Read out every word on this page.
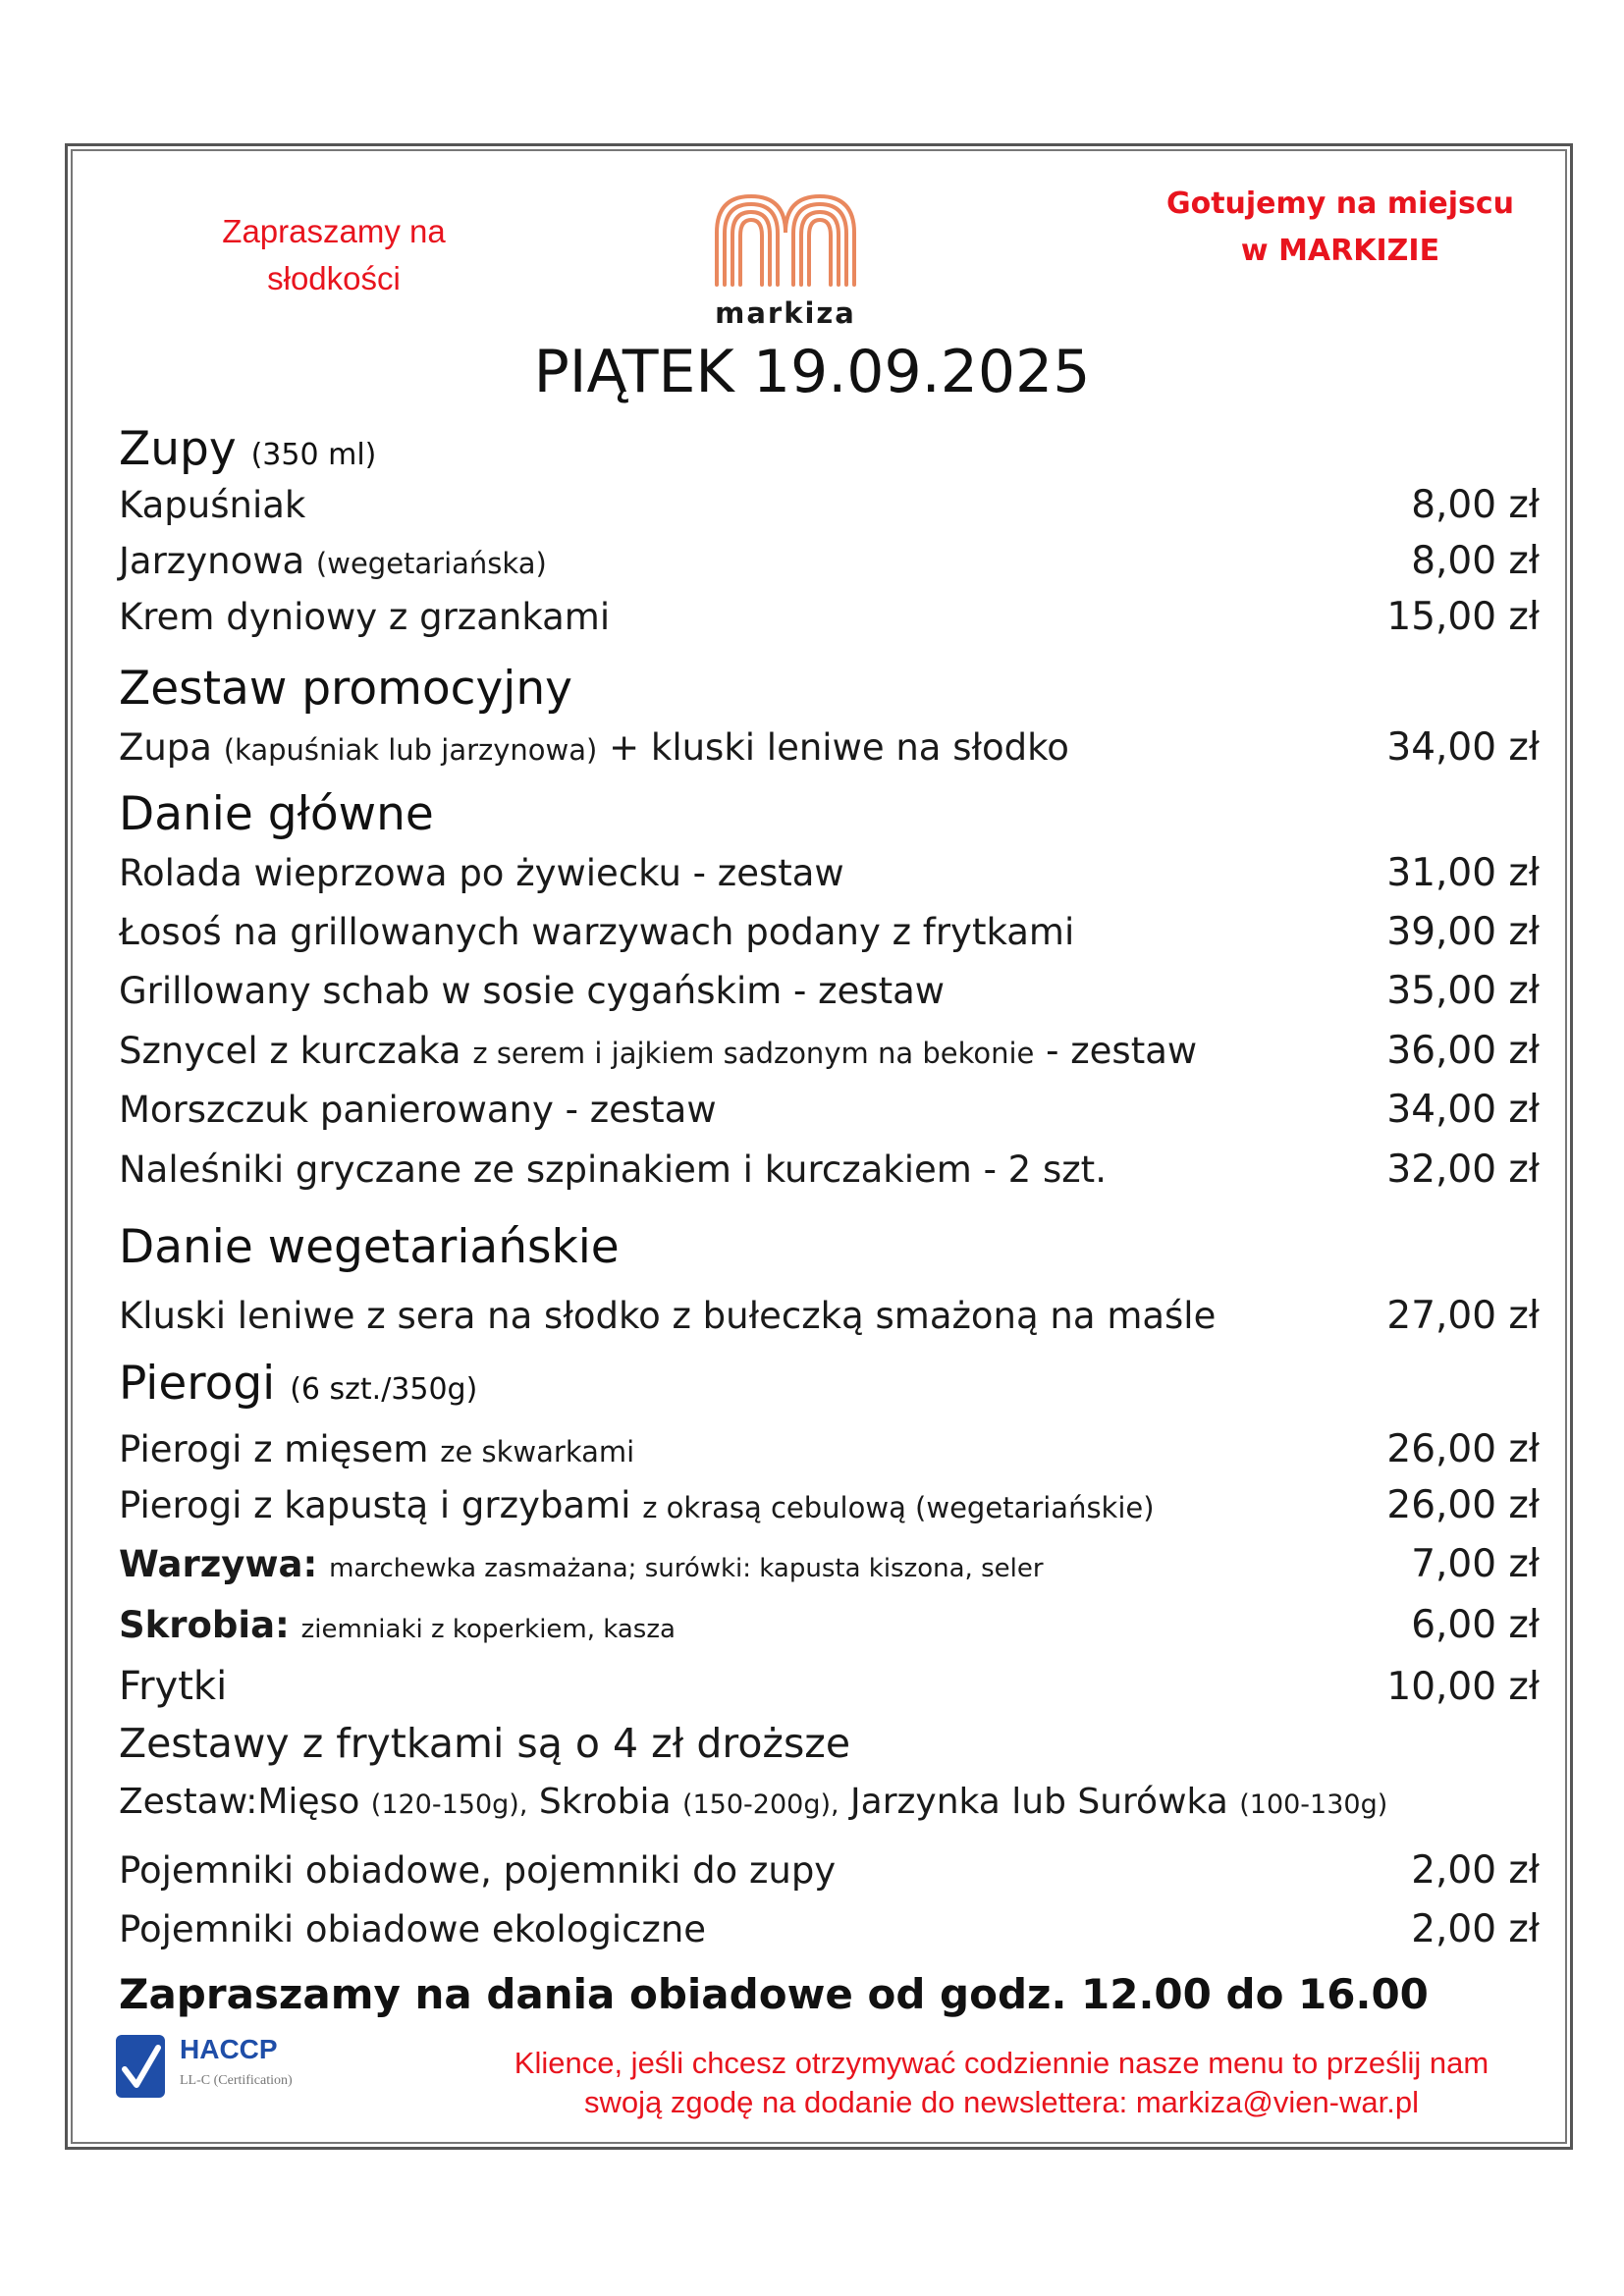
Zapraszamy na
słodkości
markiza
Gotujemy na miejscu
w MARKIZIE
PIĄTEK 19.09.2025
Zupy (350 ml)
Kapuśniak	8,00 zł
Jarzynowa (wegetariańska)	8,00 zł
Krem dyniowy z grzankami	15,00 zł
Zestaw promocyjny
Zupa (kapuśniak lub jarzynowa) + kluski leniwe na słodko	34,00 zł
Danie główne
Rolada wieprzowa po żywiecku - zestaw	31,00 zł
Łosoś na grillowanych warzywach podany z frytkami	39,00 zł
Grillowany schab w sosie cygańskim - zestaw	35,00 zł
Sznycel z kurczaka z serem i jajkiem sadzonym na bekonie - zestaw	36,00 zł
Morszczuk panierowany - zestaw	34,00 zł
Naleśniki gryczane ze szpinakiem i kurczakiem - 2 szt.	32,00 zł
Danie wegetariańskie
Kluski leniwe z sera na słodko z bułeczką smażoną na maśle	27,00 zł
Pierogi (6 szt./350g)
Pierogi z mięsem ze skwarkami	26,00 zł
Pierogi z kapustą i grzybami z okrasą cebulową (wegetariańskie)	26,00 zł
Warzywa: marchewka zasmażana; surówki: kapusta kiszona, seler	7,00 zł
Skrobia: ziemniaki z koperkiem, kasza	6,00 zł
Frytki	10,00 zł
Zestawy z frytkami są o 4 zł droższe
Zestaw:Mięso (120-150g), Skrobia (150-200g), Jarzynka lub Surówka (100-130g)
Pojemniki obiadowe, pojemniki do zupy	2,00 zł
Pojemniki obiadowe ekologiczne	2,00 zł
Zapraszamy na dania obiadowe od godz. 12.00 do 16.00
HACCP
LL-C (Certification)
Klience, jeśli chcesz otrzymywać codziennie nasze menu to prześlij nam
swoją zgodę na dodanie do newslettera: markiza@vien-war.pl
